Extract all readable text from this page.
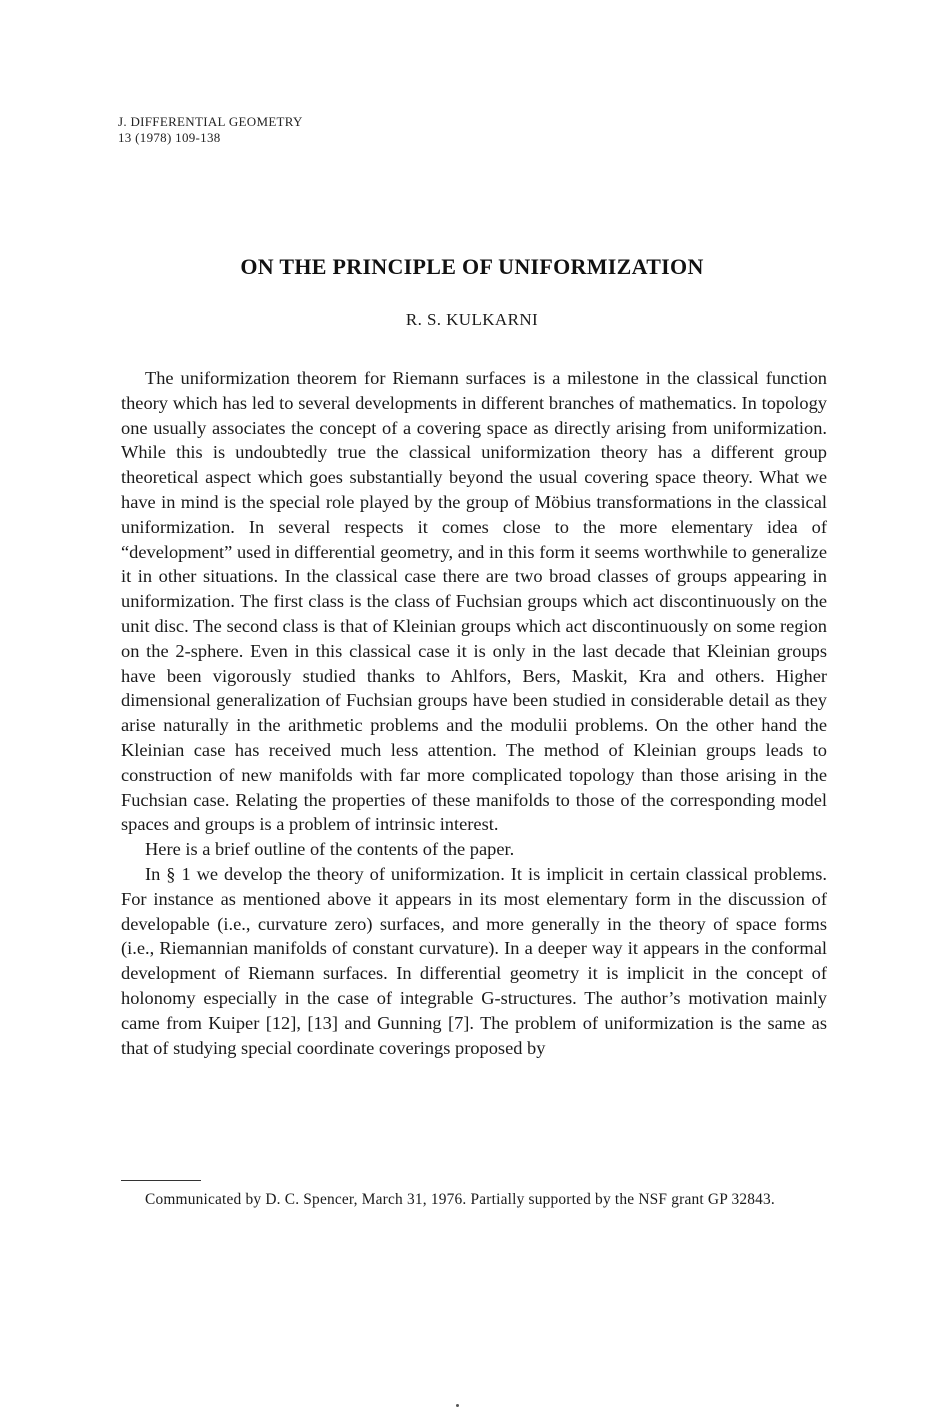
J. DIFFERENTIAL GEOMETRY
13 (1978) 109-138
ON THE PRINCIPLE OF UNIFORMIZATION
R. S. KULKARNI

The uniformization theorem for Riemann surfaces is a milestone in the classical function theory which has led to several developments in different branches of mathematics. In topology one usually associates the concept of a covering space as directly arising from uniformization. While this is undoubtedly true the classical uniformization theory has a different group theoretical aspect which goes substantially beyond the usual covering space theory. What we have in mind is the special role played by the group of Möbius transformations in the classical uniformization. In several respects it comes close to the more elementary idea of “development” used in differential geometry, and in this form it seems worthwhile to generalize it in other situations. In the classical case there are two broad classes of groups appearing in uniformization. The first class is the class of Fuchsian groups which act discontinuously on the unit disc. The second class is that of Kleinian groups which act discontinuously on some region on the 2-sphere. Even in this classical case it is only in the last decade that Kleinian groups have been vigorously studied thanks to Ahlfors, Bers, Maskit, Kra and others. Higher dimensional generalization of Fuchsian groups have been studied in considerable detail as they arise naturally in the arithmetic problems and the modulii problems. On the other hand the Kleinian case has received much less attention. The method of Kleinian groups leads to construction of new manifolds with far more complicated topology than those arising in the Fuchsian case. Relating the properties of these manifolds to those of the corresponding model spaces and groups is a problem of intrinsic interest.

Here is a brief outline of the contents of the paper.

In § 1 we develop the theory of uniformization. It is implicit in certain classical problems. For instance as mentioned above it appears in its most elementary form in the discussion of developable (i.e., curvature zero) surfaces, and more generally in the theory of space forms (i.e., Riemannian manifolds of constant curvature). In a deeper way it appears in the conformal development of Riemann surfaces. In differential geometry it is implicit in the concept of holonomy especially in the case of integrable G-structures. The author’s motivation mainly came from Kuiper [12], [13] and Gunning [7]. The problem of uniformization is the same as that of studying special coordinate coverings proposed by

Communicated by D. C. Spencer, March 31, 1976. Partially supported by the NSF grant GP 32843.
